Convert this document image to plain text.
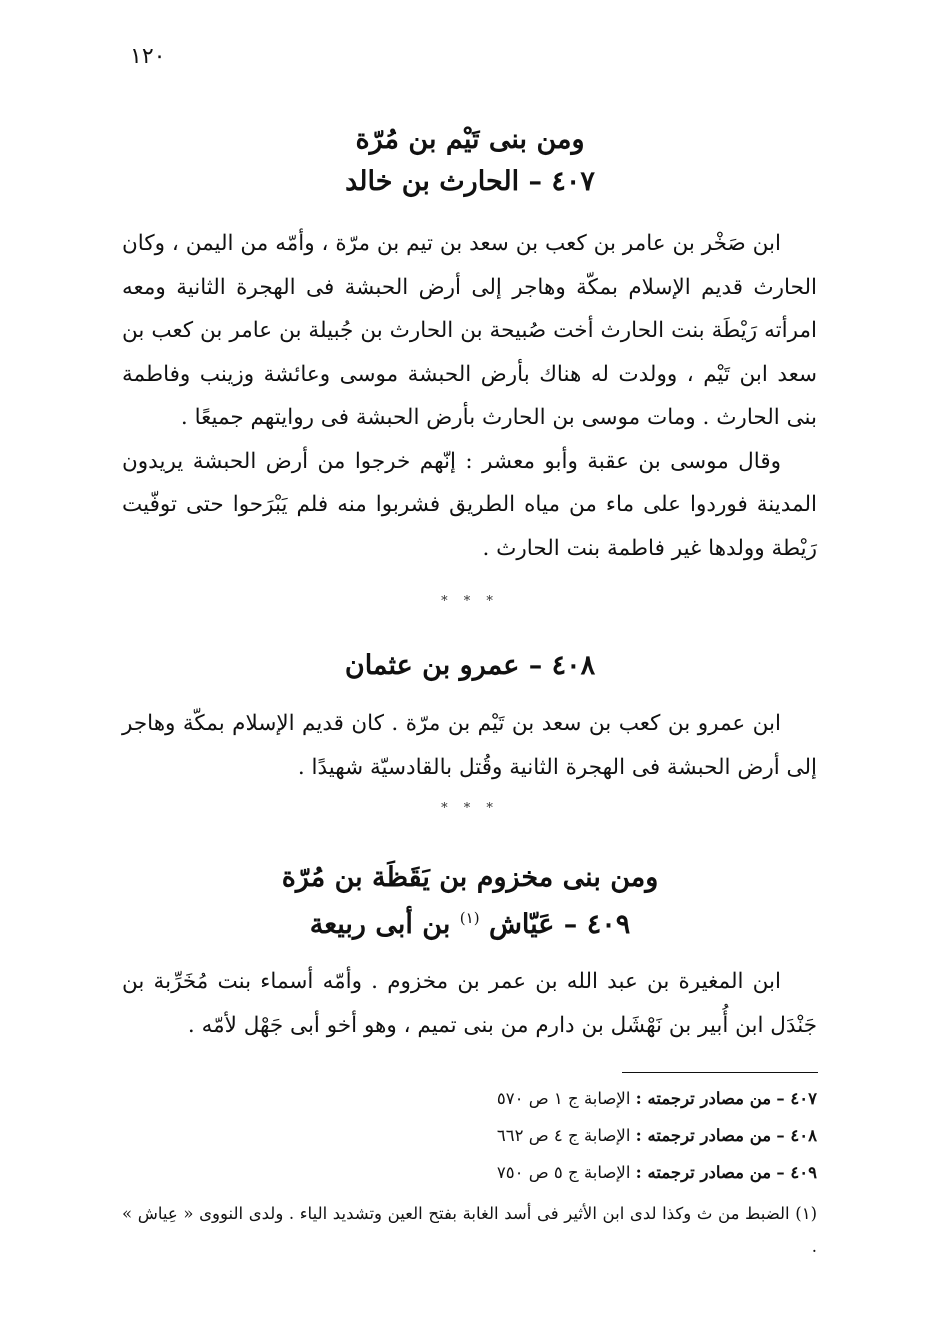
١٢٠
ومن بنى تَيْم بن مُرّة
٤٠٧ – الحارث بن خالد

ابن صَخْر بن عامر بن كعب بن سعد بن تيم بن مرّة ، وأمّه من اليمن ، وكان الحارث قديم الإسلام بمكّة وهاجر إلى أرض الحبشة فى الهجرة الثانية ومعه امرأته رَيْطَة بنت الحارث أخت صُبيحة بن الحارث بن جُبيلة بن عامر بن كعب بن سعد ابن تَيْم ، وولدت له هناك بأرض الحبشة موسى وعائشة وزينب وفاطمة بنى الحارث . ومات موسى بن الحارث بأرض الحبشة فى روايتهم جميعًا .

وقال موسى بن عقبة وأبو معشر : إنّهم خرجوا من أرض الحبشة يريدون المدينة فوردوا على ماء من مياه الطريق فشربوا منه فلم يَبْرَحوا حتى توفّيت رَيْطة وولدها غير فاطمة بنت الحارث .

* * *
٤٠٨ – عمرو بن عثمان

ابن عمرو بن كعب بن سعد بن تَيْم بن مرّة . كان قديم الإسلام بمكّة وهاجر إلى أرض الحبشة فى الهجرة الثانية وقُتل بالقادسيّة شهيدًا .

* * *
ومن بنى مخزوم بن يَقَظَة بن مُرّة
٤٠٩ – عَيّاش $^{(١)}$ بن أبى ربيعة

ابن المغيرة بن عبد الله بن عمر بن مخزوم . وأمّه أسماء بنت مُخَرِّبة بن جَنْدَل ابن أُبير بن نَهْشَل بن دارم من بنى تميم ، وهو أخو أبى جَهْل لأمّه .

٤٠٧ – من مصادر ترجمته : الإصابة ج ١ ص ٥٧٠
٤٠٨ – من مصادر ترجمته : الإصابة ج ٤ ص ٦٦٢
٤٠٩ – من مصادر ترجمته : الإصابة ج ٥ ص ٧٥٠

(١) الضبط من ث وكذا لدى ابن الأثير فى أسد الغابة بفتح العين وتشديد الياء . ولدى النووى « عِياش » .
